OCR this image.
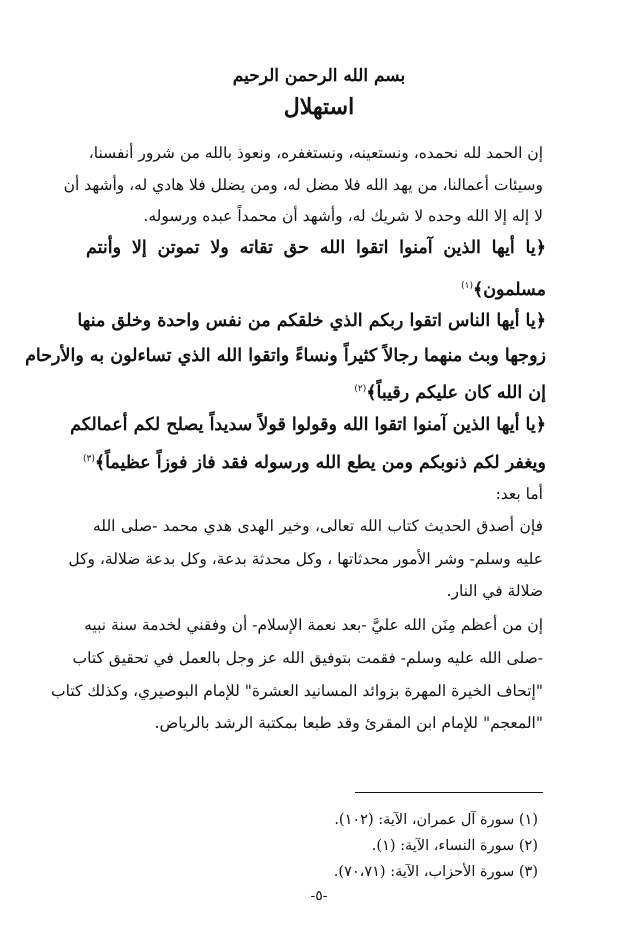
بسم الله الرحمن الرحيم
استهلال
إن الحمد لله نحمده، ونستعينه، ونستغفره، ونعوذ بالله من شرور أنفسنا،
وسيئات أعمالنا، من يهد الله فلا مضل له، ومن يضلل فلا هادي له، وأشهد أن
لا إله إلا الله وحده لا شريك له، وأشهد أن محمداً عبده ورسوله.
﴿يا أيها الذين آمنوا اتقوا الله حق تقاته ولا تموتن إلا وأنتم
مسلمون﴾$^{(١)}$
﴿يا أيها الناس اتقوا ربكم الذي خلقكم من نفس واحدة وخلق منها
زوجها وبث منهما رجالاً كثيراً ونساءً واتقوا الله الذي تساءلون به والأرحام
إن الله كان عليكم رقيباً﴾$^{(٢)}$
﴿يا أيها الذين آمنوا اتقوا الله وقولوا قولاً سديداً يصلح لكم أعمالكم
ويغفر لكم ذنوبكم ومن يطع الله ورسوله فقد فاز فوزاً عظيماً﴾$^{(٣)}$
أما بعد:
فإن أصدق الحديث كتاب الله تعالى، وخير الهدى هدي محمد -صلى الله
عليه وسلم- وشر الأمور محدثاتها ، وكل محدثة بدعة، وكل بدعة ضلالة، وكل
ضلالة في النار.
إن من أعظم مِنَن الله عليَّ -بعد نعمة الإسلام- أن وفقني لخدمة سنة نبيه
-صلى الله عليه وسلم- فقمت بتوفيق الله عز وجل بالعمل في تحقيق كتاب
"إتحاف الخيرة المهرة بزوائد المسانيد العشرة" للإمام البوصيري، وكذلك كتاب
"المعجم" للإمام ابن المقرئ وقد طبعا بمكتبة الرشد بالرياض.
(١) سورة آل عمران، الآية: (١٠٢).
(٢) سورة النساء، الآية: (١).
(٣) سورة الأحزاب، الآية: (٧٠،٧١).
-٥-
